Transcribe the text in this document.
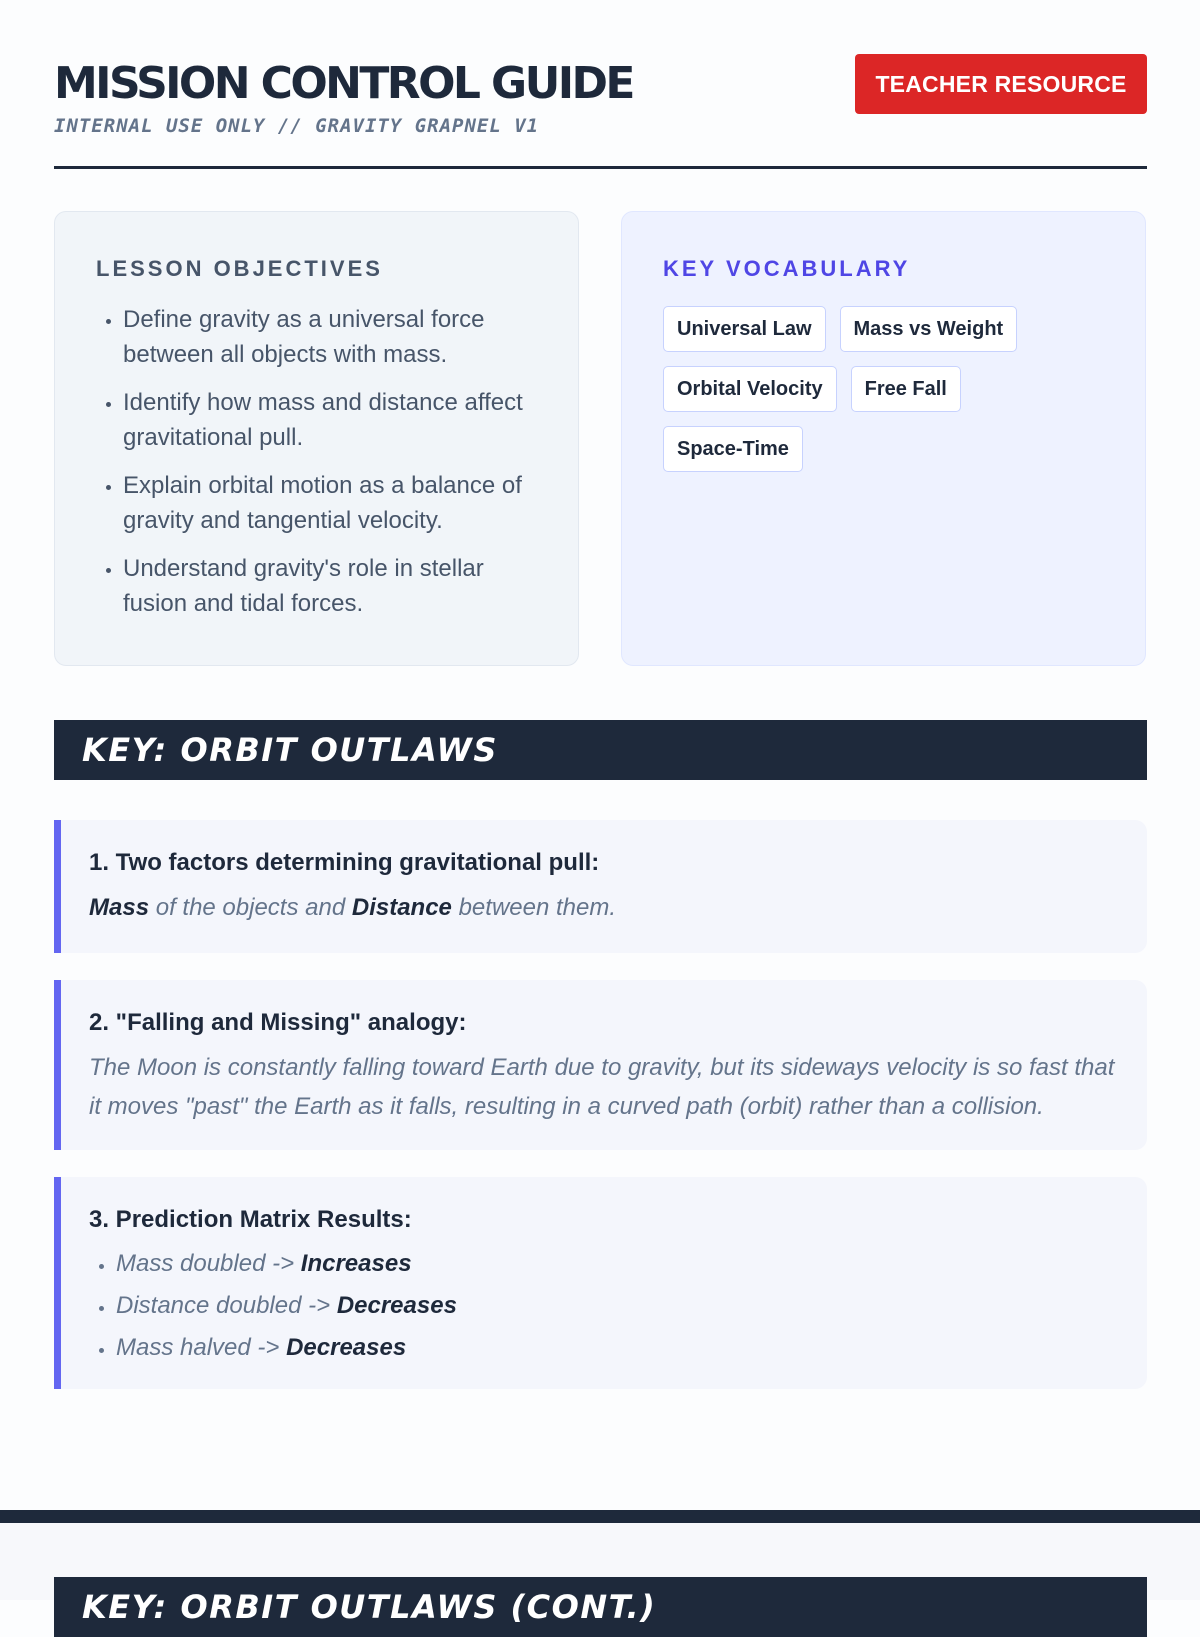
MISSION CONTROL GUIDE
INTERNAL USE ONLY // GRAVITY GRAPNEL V1
TEACHER RESOURCE
LESSON OBJECTIVES
• Define gravity as a universal force between all objects with mass.
• Identify how mass and distance affect gravitational pull.
• Explain orbital motion as a balance of gravity and tangential velocity.
• Understand gravity's role in stellar fusion and tidal forces.
KEY VOCABULARY
Universal Law	Mass vs Weight
Orbital Velocity	Free Fall
Space-Time
KEY: ORBIT OUTLAWS
1. Two factors determining gravitational pull:
Mass of the objects and Distance between them.
2. "Falling and Missing" analogy:
The Moon is constantly falling toward Earth due to gravity, but its sideways velocity is so fast that it moves "past" the Earth as it falls, resulting in a curved path (orbit) rather than a collision.
3. Prediction Matrix Results:
• Mass doubled -> Increases
• Distance doubled -> Decreases
• Mass halved -> Decreases
KEY: ORBIT OUTLAWS (CONT.)
